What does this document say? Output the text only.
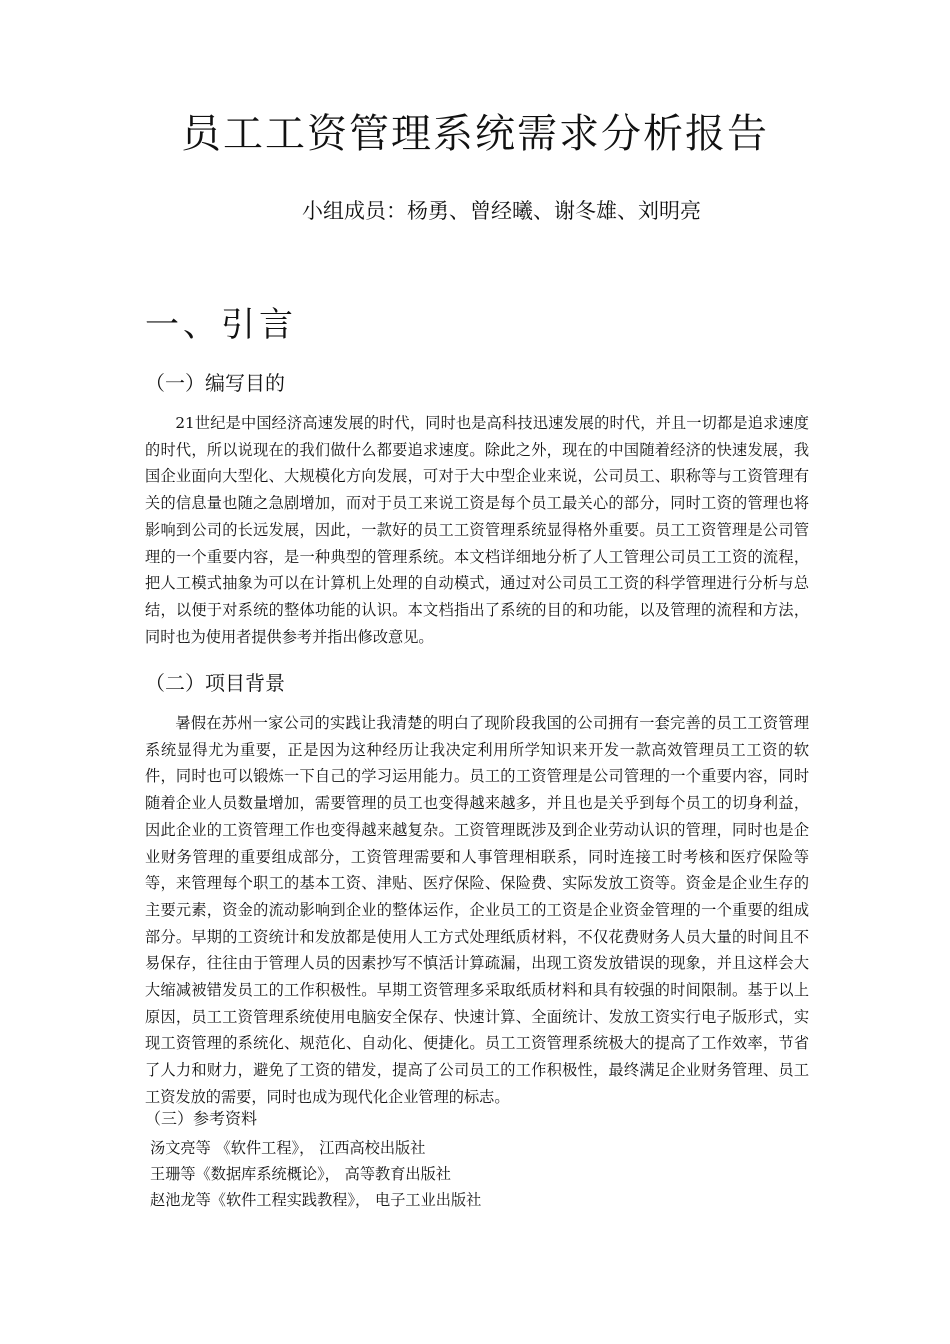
员工工资管理系统需求分析报告
小组成员：杨勇、曾经曦、谢冬雄、刘明亮
一、引言
（一）编写目的

21世纪是中国经济高速发展的时代，同时也是高科技迅速发展的时代，并且一切都是追求速度的时代，所以说现在的我们做什么都要追求速度。除此之外，现在的中国随着经济的快速发展，我国企业面向大型化、大规模化方向发展，可对于大中型企业来说，公司员工、职称等与工资管理有关的信息量也随之急剧增加，而对于员工来说工资是每个员工最关心的部分，同时工资的管理也将影响到公司的长远发展，因此，一款好的员工工资管理系统显得格外重要。员工工资管理是公司管理的一个重要内容，是一种典型的管理系统。本文档详细地分析了人工管理公司员工工资的流程，把人工模式抽象为可以在计算机上处理的自动模式，通过对公司员工工资的科学管理进行分析与总结，以便于对系统的整体功能的认识。本文档指出了系统的目的和功能，以及管理的流程和方法，同时也为使用者提供参考并指出修改意见。

（二）项目背景

暑假在苏州一家公司的实践让我清楚的明白了现阶段我国的公司拥有一套完善的员工工资管理系统显得尤为重要，正是因为这种经历让我决定利用所学知识来开发一款高效管理员工工资的软件，同时也可以锻炼一下自己的学习运用能力。员工的工资管理是公司管理的一个重要内容，同时随着企业人员数量增加，需要管理的员工也变得越来越多，并且也是关乎到每个员工的切身利益，因此企业的工资管理工作也变得越来越复杂。工资管理既涉及到企业劳动认识的管理，同时也是企业财务管理的重要组成部分，工资管理需要和人事管理相联系，同时连接工时考核和医疗保险等等，来管理每个职工的基本工资、津贴、医疗保险、保险费、实际发放工资等。资金是企业生存的主要元素，资金的流动影响到企业的整体运作，企业员工的工资是企业资金管理的一个重要的组成部分。早期的工资统计和发放都是使用人工方式处理纸质材料，不仅花费财务人员大量的时间且不易保存，往往由于管理人员的因素抄写不慎活计算疏漏，出现工资发放错误的现象，并且这样会大大缩减被错发员工的工作积极性。早期工资管理多采取纸质材料和具有较强的时间限制。基于以上原因，员工工资管理系统使用电脑安全保存、快速计算、全面统计、发放工资实行电子版形式，实现工资管理的系统化、规范化、自动化、便捷化。员工工资管理系统极大的提高了工作效率，节省了人力和财力，避免了工资的错发，提高了公司员工的工作积极性，最终满足企业财务管理、员工工资发放的需要，同时也成为现代化企业管理的标志。

（三）参考资料
汤文亮等 《软件工程》， 江西高校出版社
王珊等《数据库系统概论》， 高等教育出版社
赵池龙等《软件工程实践教程》， 电子工业出版社
